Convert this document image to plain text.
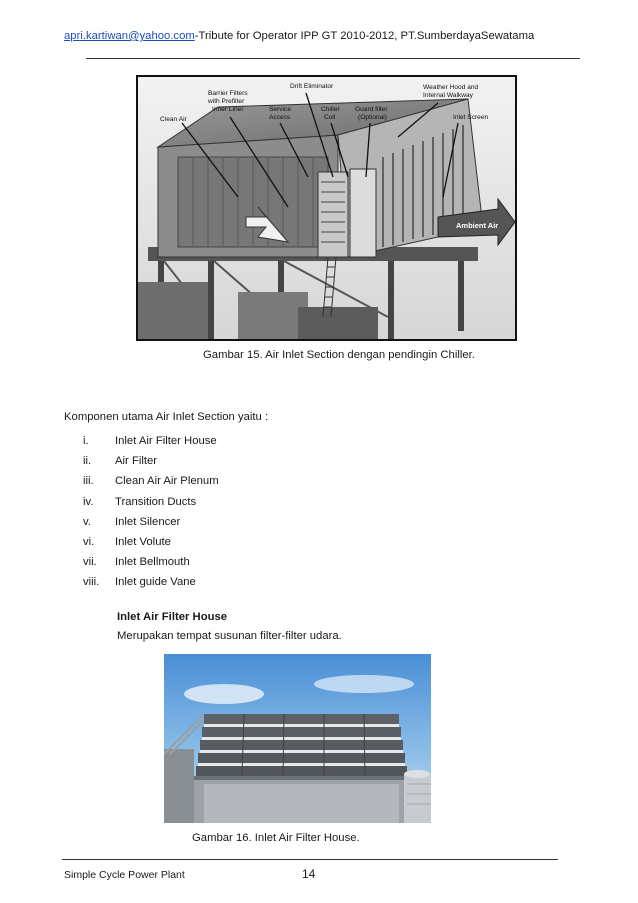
apri.kartiwan@yahoo.com-Tribute for Operator IPP GT 2010-2012, PT.SumberdayaSewatama
Ambient Air
Clean Air
Barrier Filters
with Prefilter
Inner Liner	Service
Access
Drift Eliminator
Chiller
Coil
Guard filter
(Optional)
Weather Hood and
Internal Walkway
Inlet Screen
Gambar 15. Air Inlet Section dengan pendingin Chiller.
Komponen utama Air Inlet Section yaitu :
i. Inlet Air Filter House
ii. Air Filter
iii. Clean Air Air Plenum
iv. Transition Ducts
v. Inlet Silencer
vi. Inlet Volute
vii. Inlet Bellmouth
viii. Inlet guide Vane
Inlet Air Filter House
Merupakan tempat susunan filter-filter udara.
Gambar 16. Inlet Air Filter House.
Simple Cycle Power Plant	14
